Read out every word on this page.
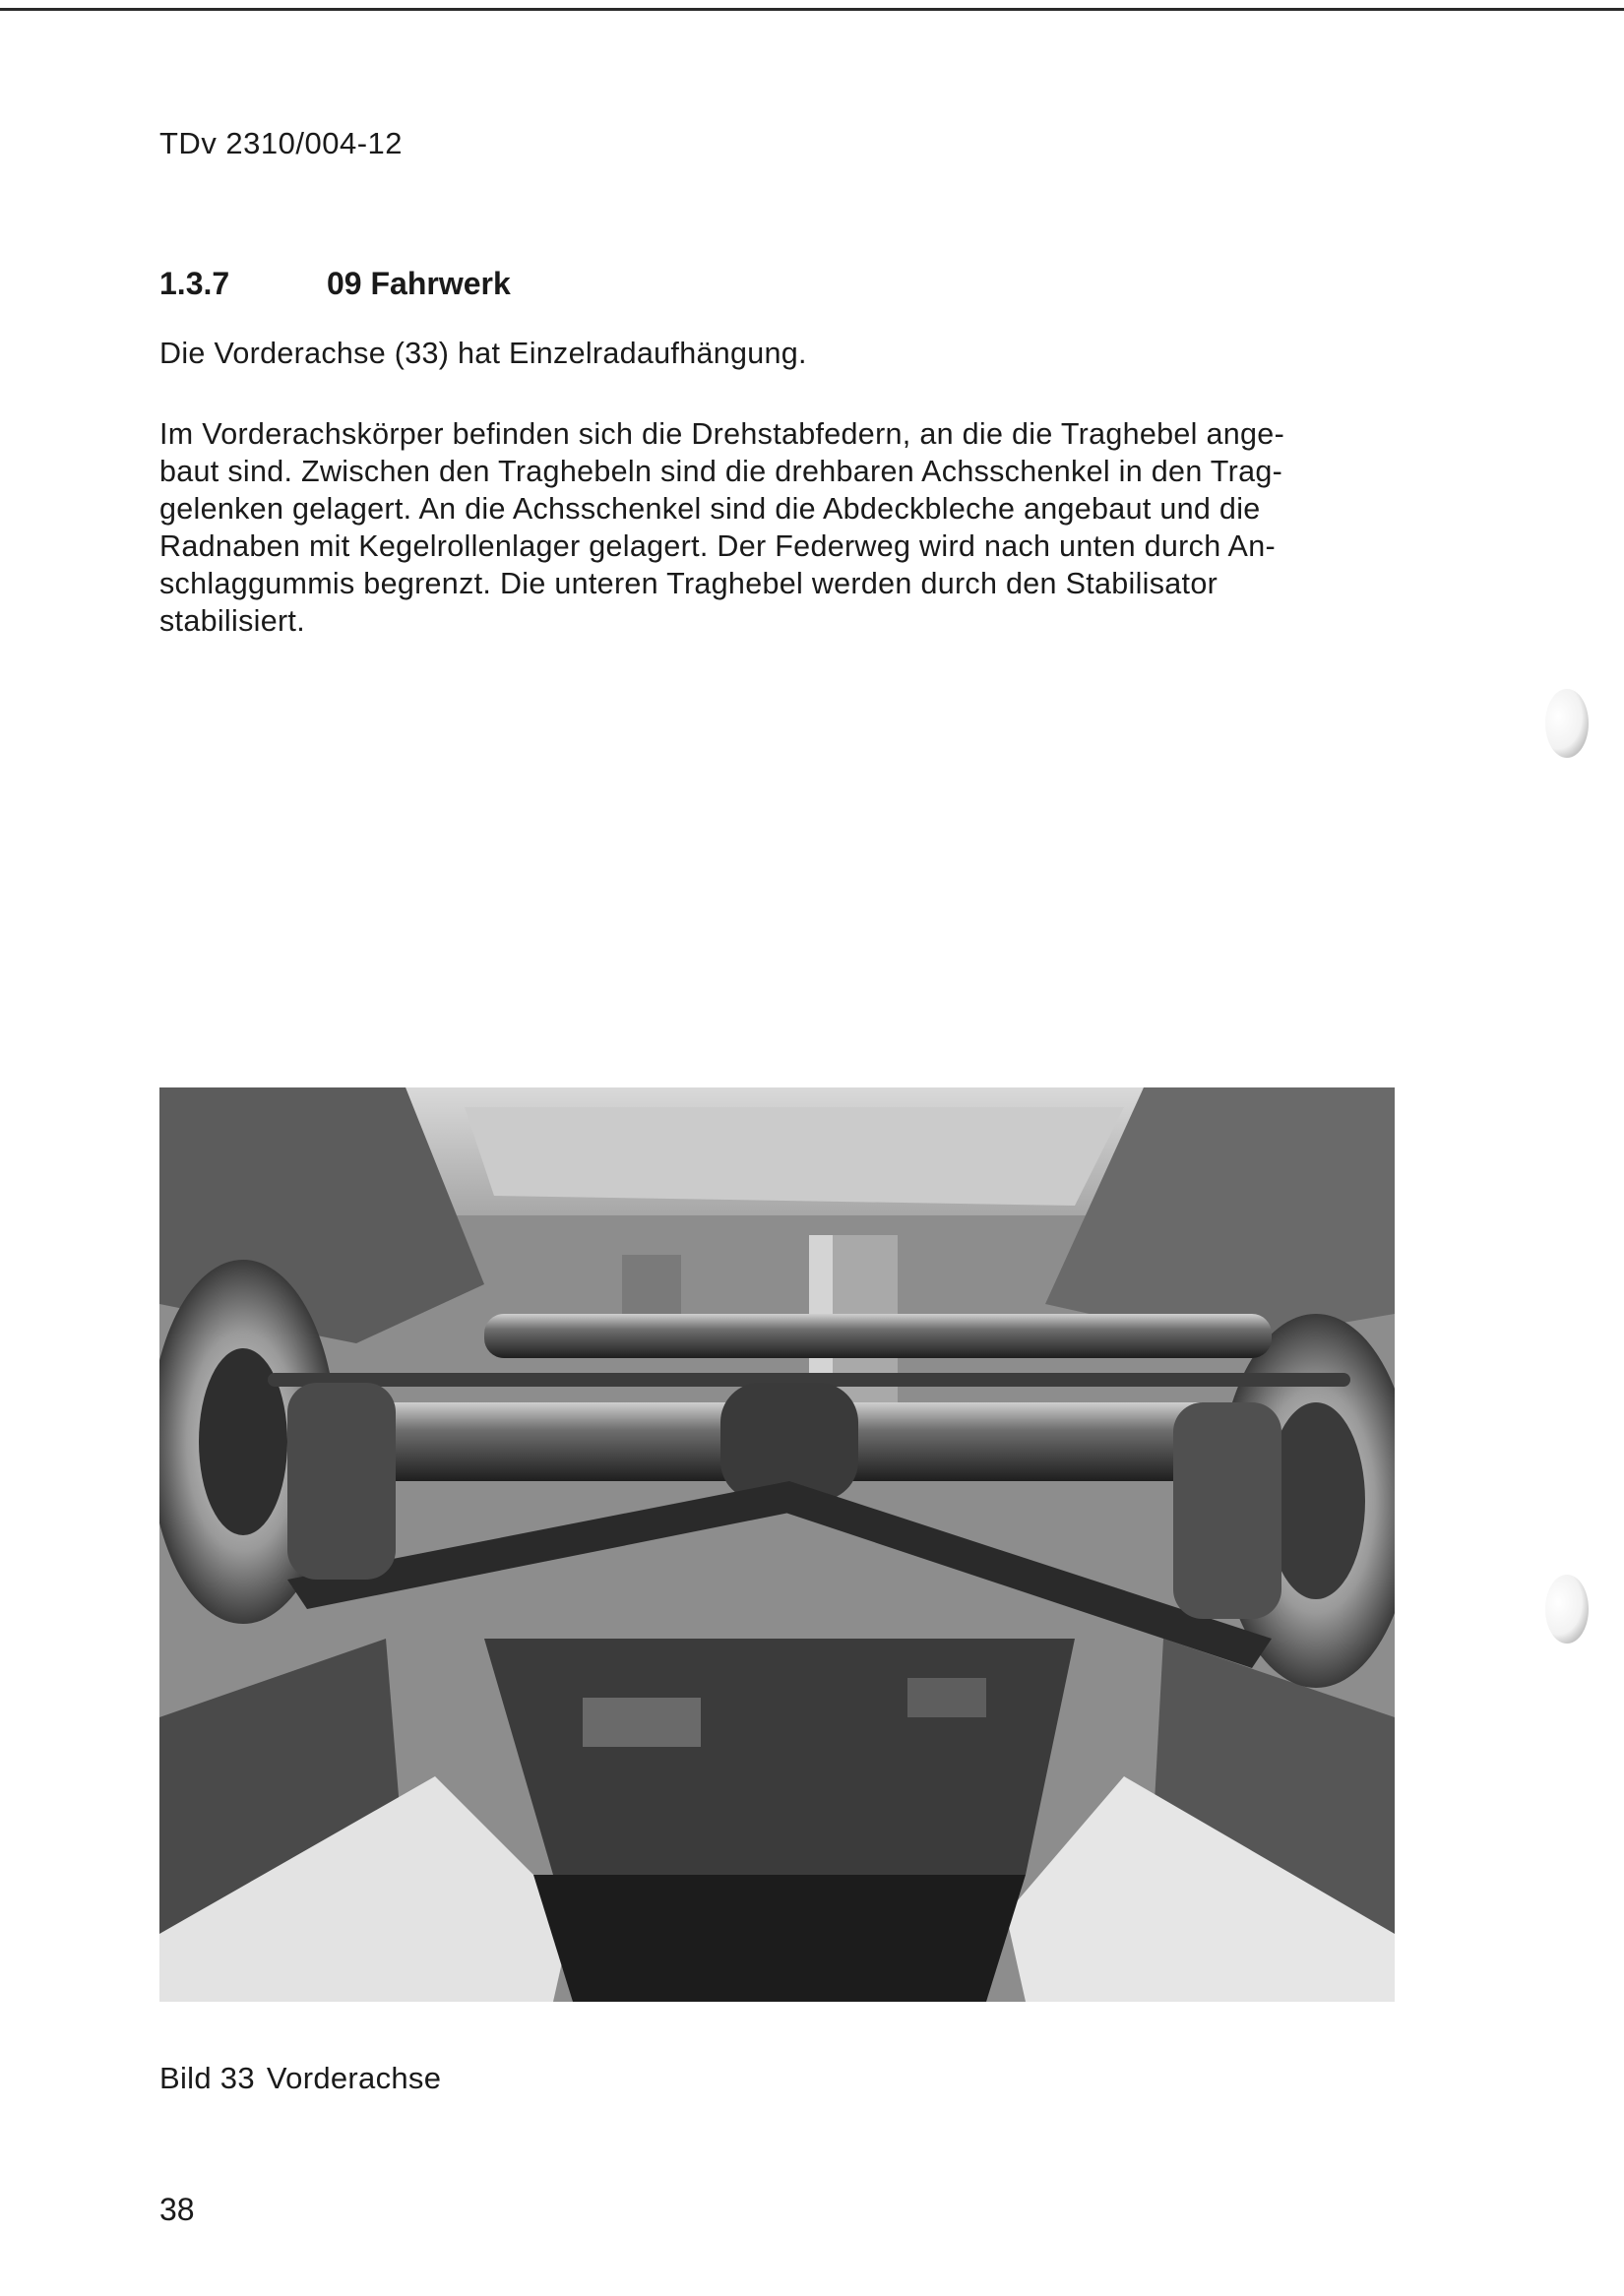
TDv 2310/004-12
1.3.7	09 Fahrwerk
Die Vorderachse (33) hat Einzelradaufhängung.
Im Vorderachskörper befinden sich die Drehstabfedern, an die die Traghebel ange-
baut sind. Zwischen den Traghebeln sind die drehbaren Achsschenkel in den Trag-
gelenken gelagert. An die Achsschenkel sind die Abdeckbleche angebaut und die
Radnaben mit Kegelrollenlager gelagert. Der Federweg wird nach unten durch An-
schlaggummis begrenzt. Die unteren Traghebel werden durch den Stabilisator
stabilisiert.
Bild 33 Vorderachse
38
